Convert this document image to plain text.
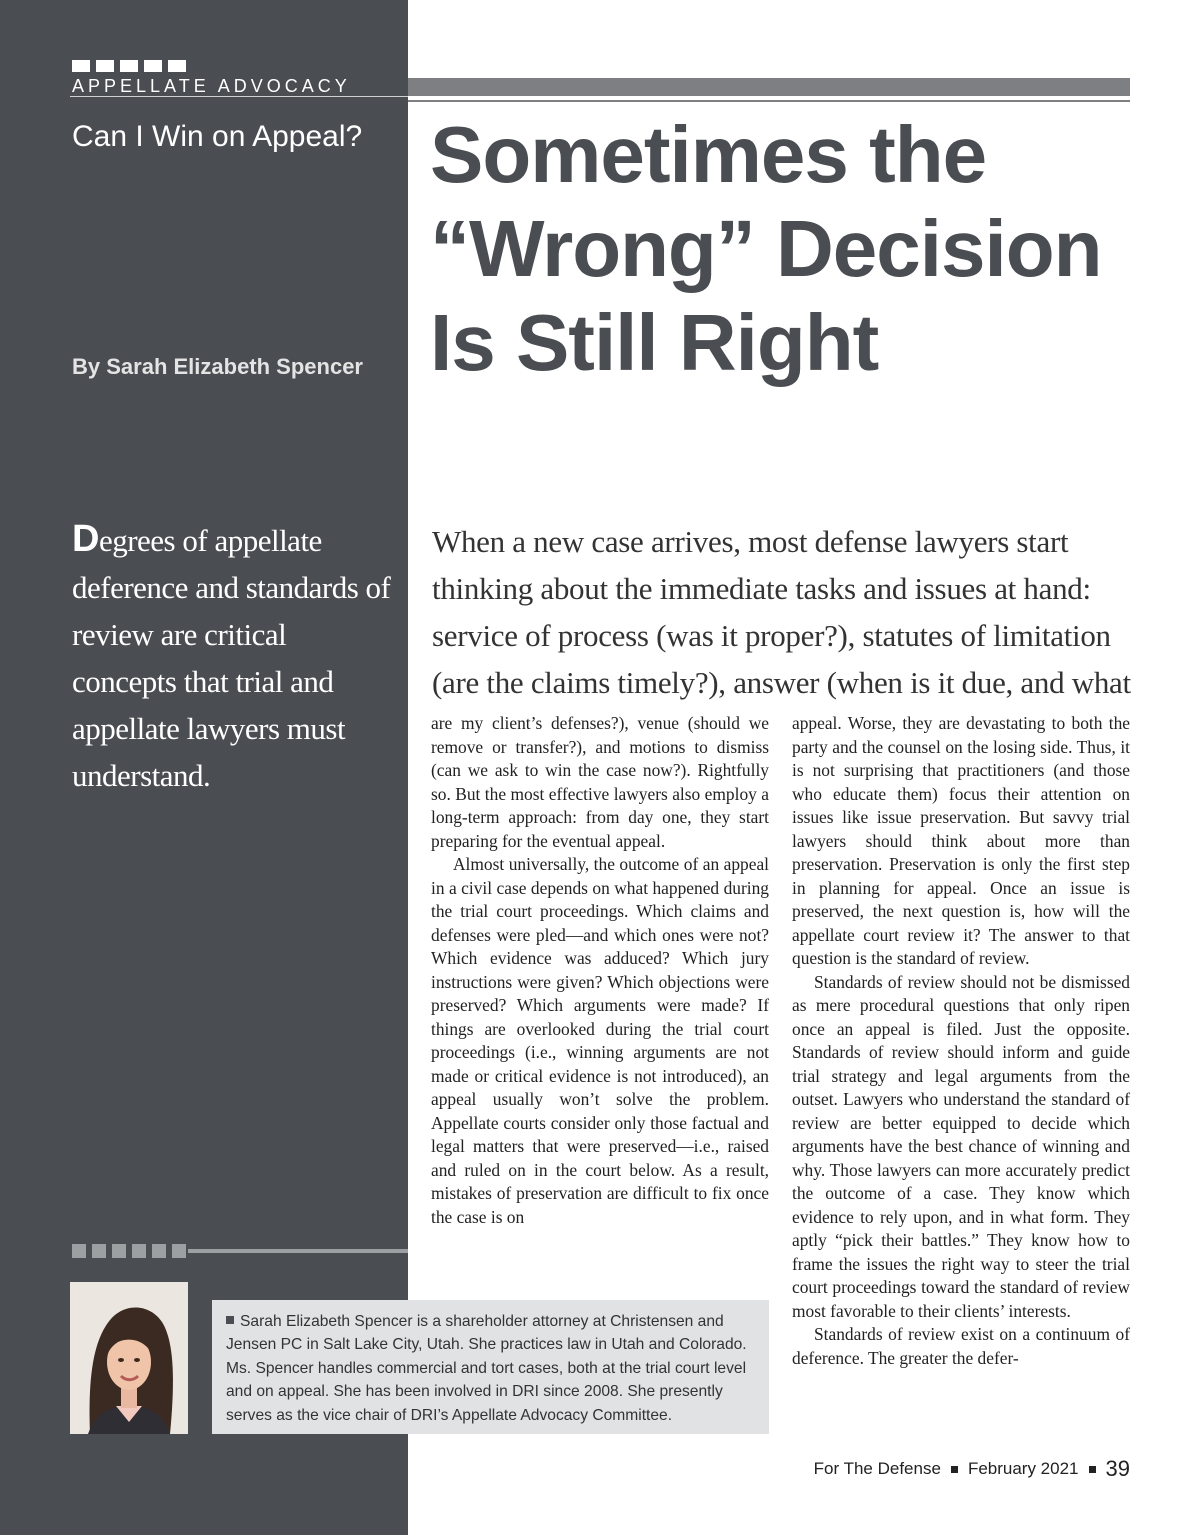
APPELLATE ADVOCACY
Can I Win on Appeal?
By Sarah Elizabeth Spencer
Sometimes the
“Wrong” Decision
Is Still Right

Degrees of appellate deference and standards of review are critical concepts that trial and appellate lawyers must understand.

When a new case arrives, most defense lawyers start thinking about the immediate tasks and issues at hand: service of process (was it proper?), statutes of limitation (are the claims timely?), answer (when is it due, and what

are my client’s defenses?), venue (should we remove or transfer?), and motions to dismiss (can we ask to win the case now?). Rightfully so. But the most effective lawyers also employ a long-term approach: from day one, they start preparing for the eventual appeal.

Almost universally, the outcome of an appeal in a civil case depends on what happened during the trial court proceedings. Which claims and defenses were pled—and which ones were not? Which evidence was adduced? Which jury instructions were given? Which objections were preserved? Which arguments were made? If things are overlooked during the trial court proceedings (i.e., winning arguments are not made or critical evidence is not introduced), an appeal usually won’t solve the problem. Appellate courts consider only those factual and legal matters that were preserved—i.e., raised and ruled on in the court below. As a result, mistakes of preservation are difficult to fix once the case is on

appeal. Worse, they are devastating to both the party and the counsel on the losing side. Thus, it is not surprising that practitioners (and those who educate them) focus their attention on issues like issue preservation. But savvy trial lawyers should think about more than preservation. Preservation is only the first step in planning for appeal. Once an issue is preserved, the next question is, how will the appellate court review it? The answer to that question is the standard of review.

Standards of review should not be dismissed as mere procedural questions that only ripen once an appeal is filed. Just the opposite. Standards of review should inform and guide trial strategy and legal arguments from the outset. Lawyers who understand the standard of review are better equipped to decide which arguments have the best chance of winning and why. Those lawyers can more accurately predict the outcome of a case. They know which evidence to rely upon, and in what form. They aptly “pick their battles.” They know how to frame the issues the right way to steer the trial court proceedings toward the standard of review most favorable to their clients’ interests.

Standards of review exist on a continuum of deference. The greater the defer-

Sarah Elizabeth Spencer is a shareholder attorney at Christensen and Jensen PC in Salt Lake City, Utah. She practices law in Utah and Colorado. Ms. Spencer handles commercial and tort cases, both at the trial court level and on appeal. She has been involved in DRI since 2008. She presently serves as the vice chair of DRI’s Appellate Advocacy Committee.

For The Defense February 2021 39
